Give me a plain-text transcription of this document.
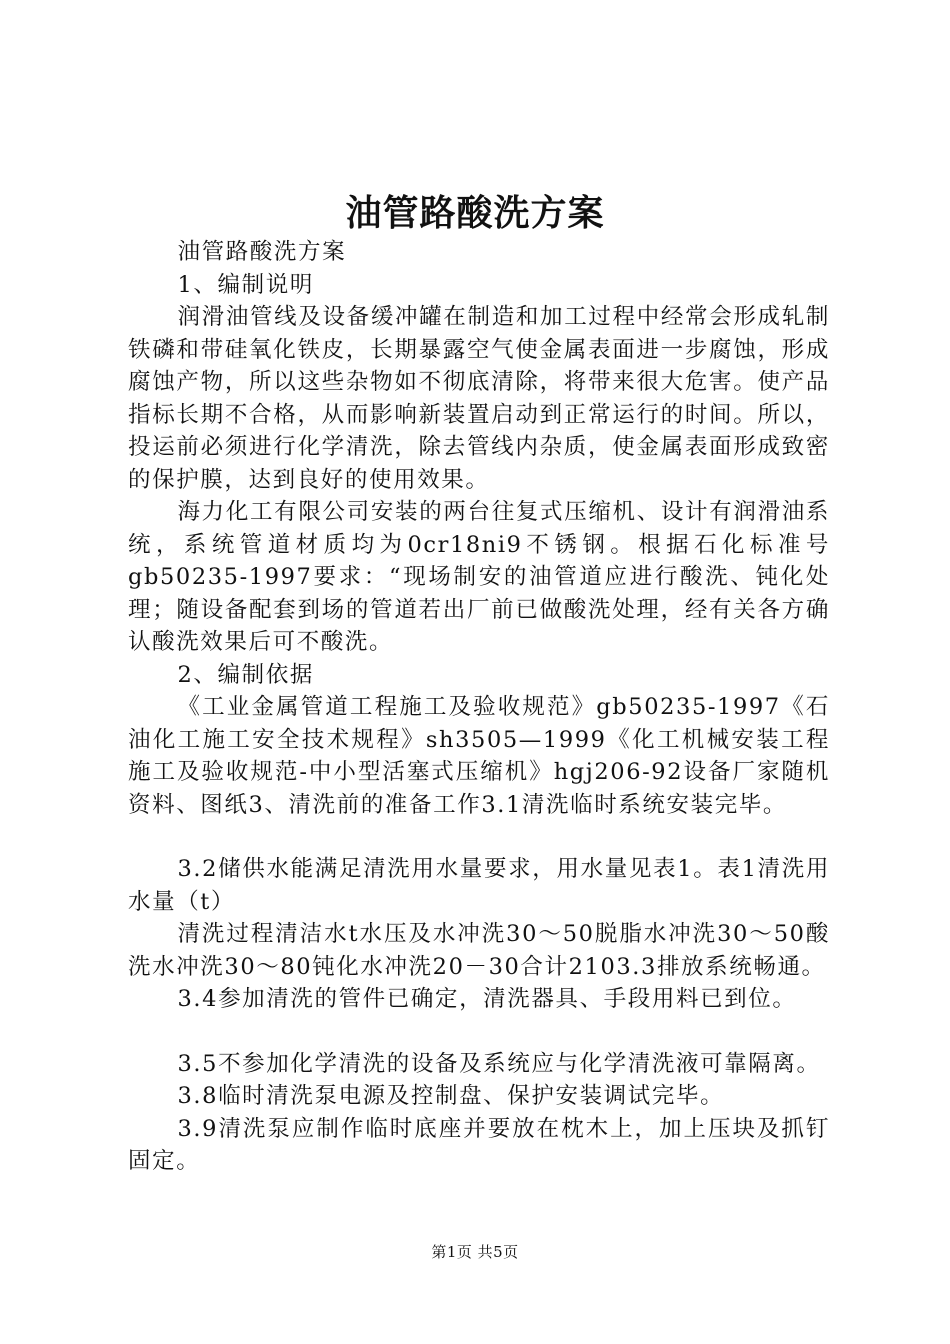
油管路酸洗方案

油管路酸洗方案

1、编制说明

润滑油管线及设备缓冲罐在制造和加工过程中经常会形成轧制铁磷和带硅氧化铁皮，长期暴露空气使金属表面进一步腐蚀，形成腐蚀产物，所以这些杂物如不彻底清除，将带来很大危害。使产品指标长期不合格，从而影响新装置启动到正常运行的时间。所以，投运前必须进行化学清洗，除去管线内杂质，使金属表面形成致密的保护膜，达到良好的使用效果。

海力化工有限公司安装的两台往复式压缩机、设计有润滑油系统，系统管道材质均为0cr18ni9不锈钢。根据石化标准号gb50235-1997要求：“现场制安的油管道应进行酸洗、钝化处理；随设备配套到场的管道若出厂前已做酸洗处理，经有关各方确认酸洗效果后可不酸洗。

2、编制依据

《工业金属管道工程施工及验收规范》gb50235-1997《石油化工施工安全技术规程》sh3505—1999《化工机械安装工程施工及验收规范-中小型活塞式压缩机》hgj206-92设备厂家随机资料、图纸3、清洗前的准备工作3.1清洗临时系统安装完毕。

3.2储供水能满足清洗用水量要求，用水量见表1。表1清洗用水量（t）

清洗过程清洁水t水压及水冲洗30～50脱脂水冲洗30～50酸洗水冲洗30～80钝化水冲洗20－30合计2103.3排放系统畅通。

3.4参加清洗的管件已确定，清洗器具、手段用料已到位。

3.5不参加化学清洗的设备及系统应与化学清洗液可靠隔离。

3.8临时清洗泵电源及控制盘、保护安装调试完毕。

3.9清洗泵应制作临时底座并要放在枕木上，加上压块及抓钉固定。

第1页 共5页
